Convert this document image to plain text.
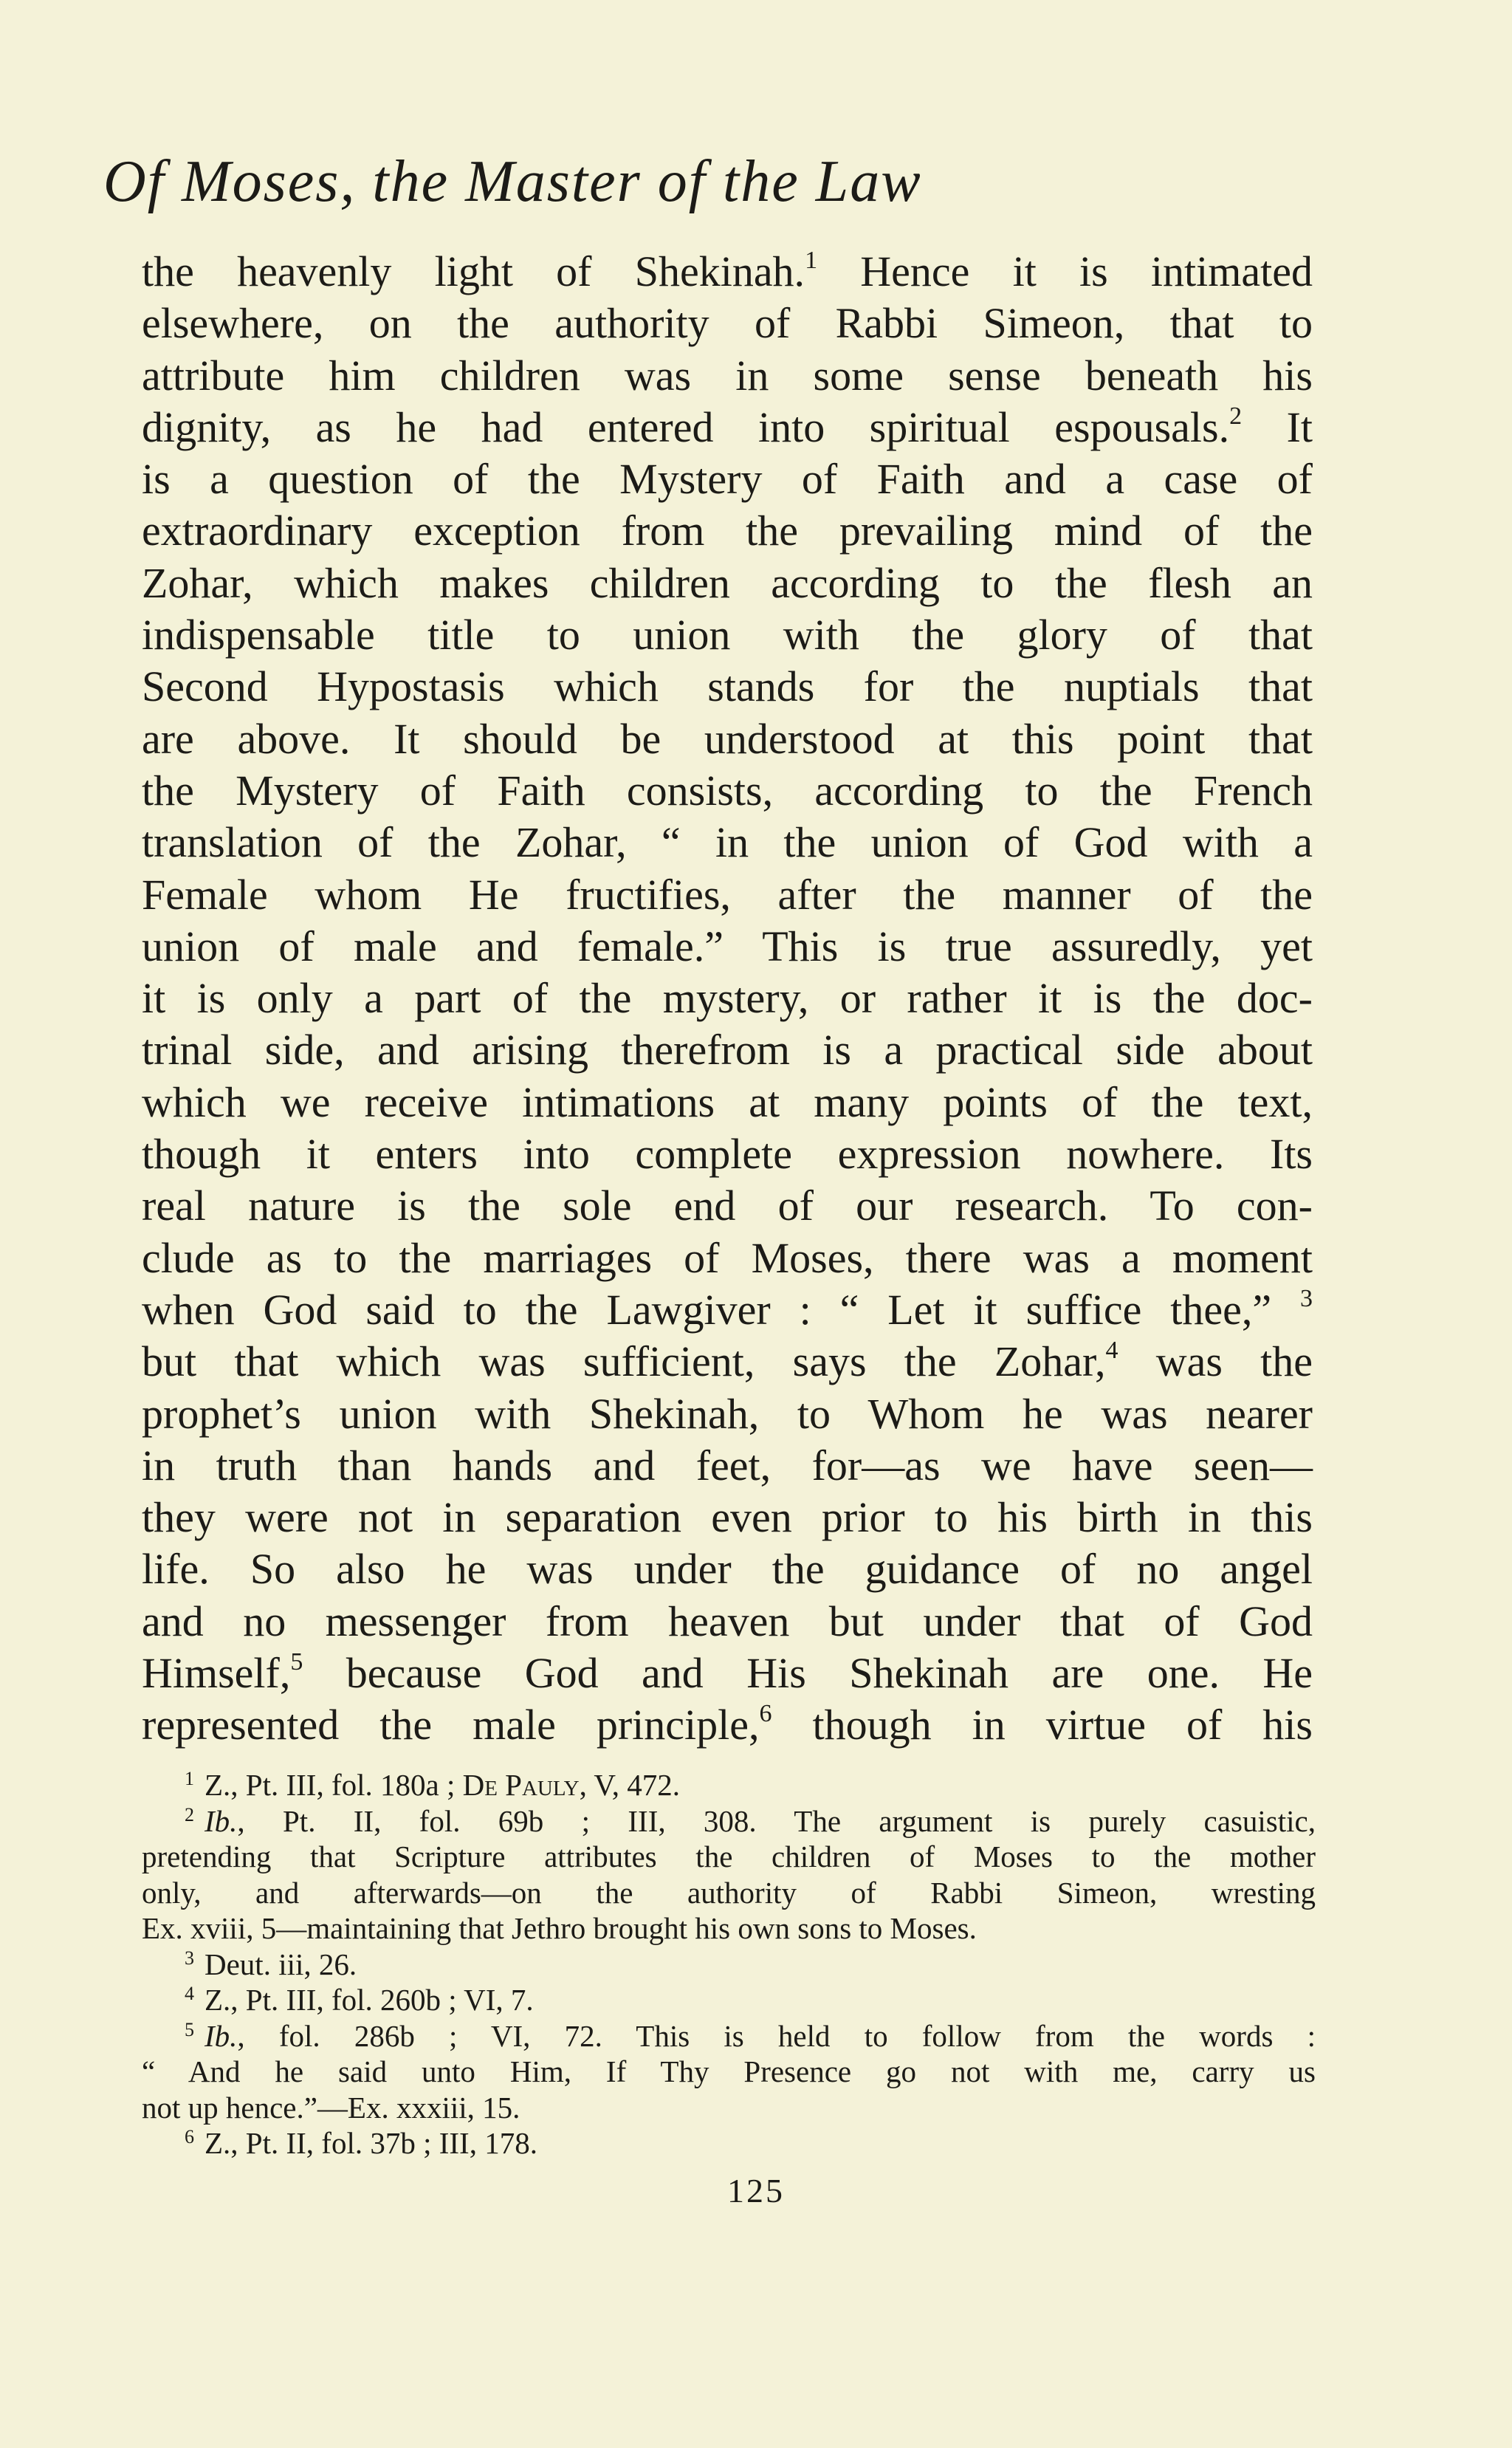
Of Moses, the Master of the Law
the heavenly light of Shekinah.$^1$ Hence it is intimated
elsewhere, on the authority of Rabbi Simeon, that to
attribute him children was in some sense beneath his
dignity, as he had entered into spiritual espousals.$^2$ It
is a question of the Mystery of Faith and a case of
extraordinary exception from the prevailing mind of the
Zohar, which makes children according to the flesh an
indispensable title to union with the glory of that
Second Hypostasis which stands for the nuptials that
are above. It should be understood at this point that
the Mystery of Faith consists, according to the French
translation of the Zohar, “ in the union of God with a
Female whom He fructifies, after the manner of the
union of male and female.” This is true assuredly, yet
it is only a part of the mystery, or rather it is the doc-
trinal side, and arising therefrom is a practical side about
which we receive intimations at many points of the text,
though it enters into complete expression nowhere. Its
real nature is the sole end of our research. To con-
clude as to the marriages of Moses, there was a moment
when God said to the Lawgiver : “ Let it suffice thee,” $^3$
but that which was sufficient, says the Zohar,$^4$ was the
prophet’s union with Shekinah, to Whom he was nearer
in truth than hands and feet, for—as we have seen—
they were not in separation even prior to his birth in this
life. So also he was under the guidance of no angel
and no messenger from heaven but under that of God
Himself,$^5$ because God and His Shekinah are one. He
represented the male principle,$^6$ though in virtue of his
$^1$ Z., Pt. III, fol. 180a ; De Pauly, V, 472.
$^2$ Ib., Pt. II, fol. 69b ; III, 308. The argument is purely casuistic,
pretending that Scripture attributes the children of Moses to the mother
only, and afterwards—on the authority of Rabbi Simeon, wresting
Ex. xviii, 5—maintaining that Jethro brought his own sons to Moses.
$^3$ Deut. iii, 26.
$^4$ Z., Pt. III, fol. 260b ; VI, 7.
$^5$ Ib., fol. 286b ; VI, 72. This is held to follow from the words :
“ And he said unto Him, If Thy Presence go not with me, carry us
not up hence.”—Ex. xxxiii, 15.
$^6$ Z., Pt. II, fol. 37b ; III, 178.
125
